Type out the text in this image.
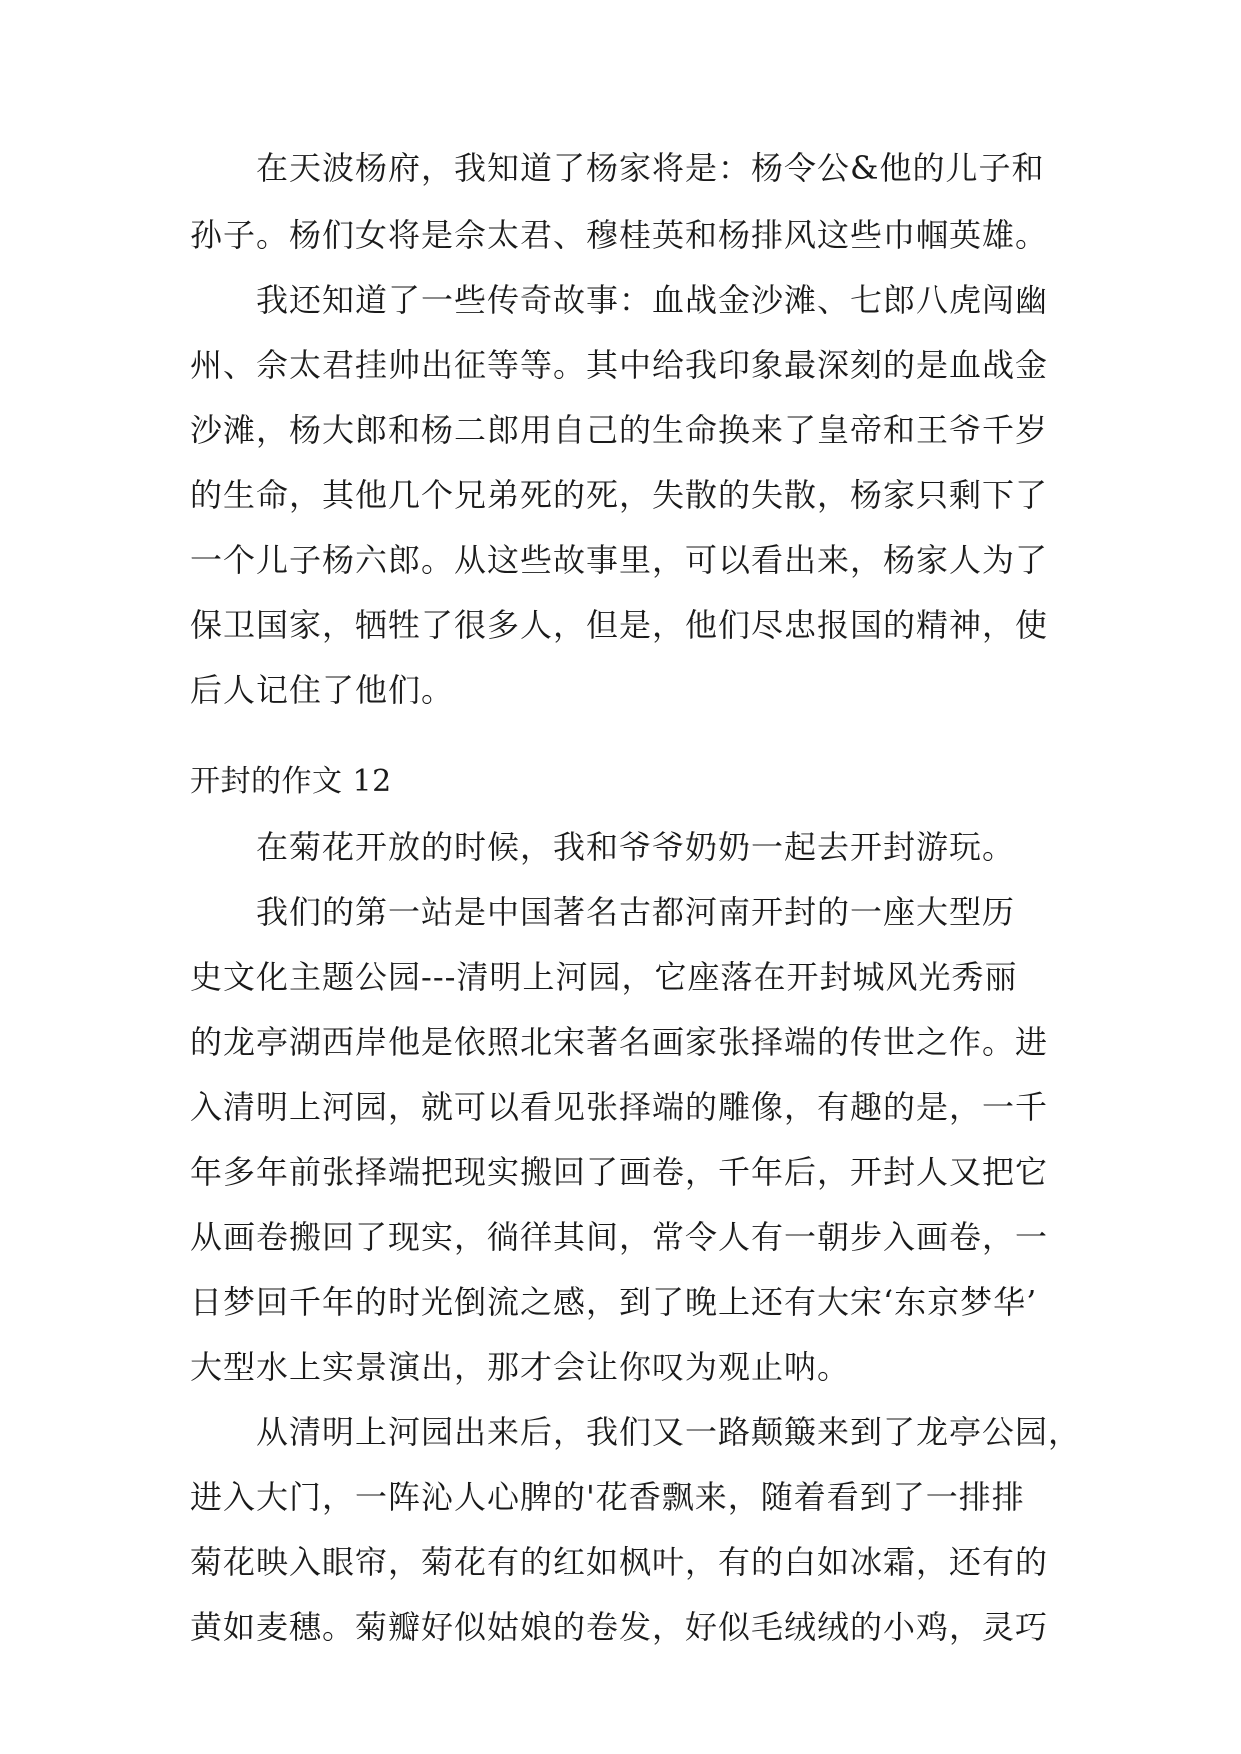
在天波杨府，我知道了杨家将是：杨令公&他的儿子和
孙子。杨们女将是佘太君、穆桂英和杨排风这些巾帼英雄。
我还知道了一些传奇故事：血战金沙滩、七郎八虎闯幽
州、佘太君挂帅出征等等。其中给我印象最深刻的是血战金
沙滩，杨大郎和杨二郎用自己的生命换来了皇帝和王爷千岁
的生命，其他几个兄弟死的死，失散的失散，杨家只剩下了
一个儿子杨六郎。从这些故事里，可以看出来，杨家人为了
保卫国家，牺牲了很多人，但是，他们尽忠报国的精神，使
后人记住了他们。
开封的作文 12
在菊花开放的时候，我和爷爷奶奶一起去开封游玩。
我们的第一站是中国著名古都河南开封的一座大型历
史文化主题公园---清明上河园，它座落在开封城风光秀丽
的龙亭湖西岸他是依照北宋著名画家张择端的传世之作。进
入清明上河园，就可以看见张择端的雕像，有趣的是，一千
年多年前张择端把现实搬回了画卷，千年后，开封人又把它
从画卷搬回了现实，徜徉其间，常令人有一朝步入画卷，一
日梦回千年的时光倒流之感，到了晚上还有大宋‘东京梦华’
大型水上实景演出，那才会让你叹为观止呐。
从清明上河园出来后，我们又一路颠簸来到了龙亭公园，
进入大门，一阵沁人心脾的'花香飘来，随着看到了一排排
菊花映入眼帘，菊花有的红如枫叶，有的白如冰霜，还有的
黄如麦穗。菊瓣好似姑娘的卷发，好似毛绒绒的小鸡，灵巧
